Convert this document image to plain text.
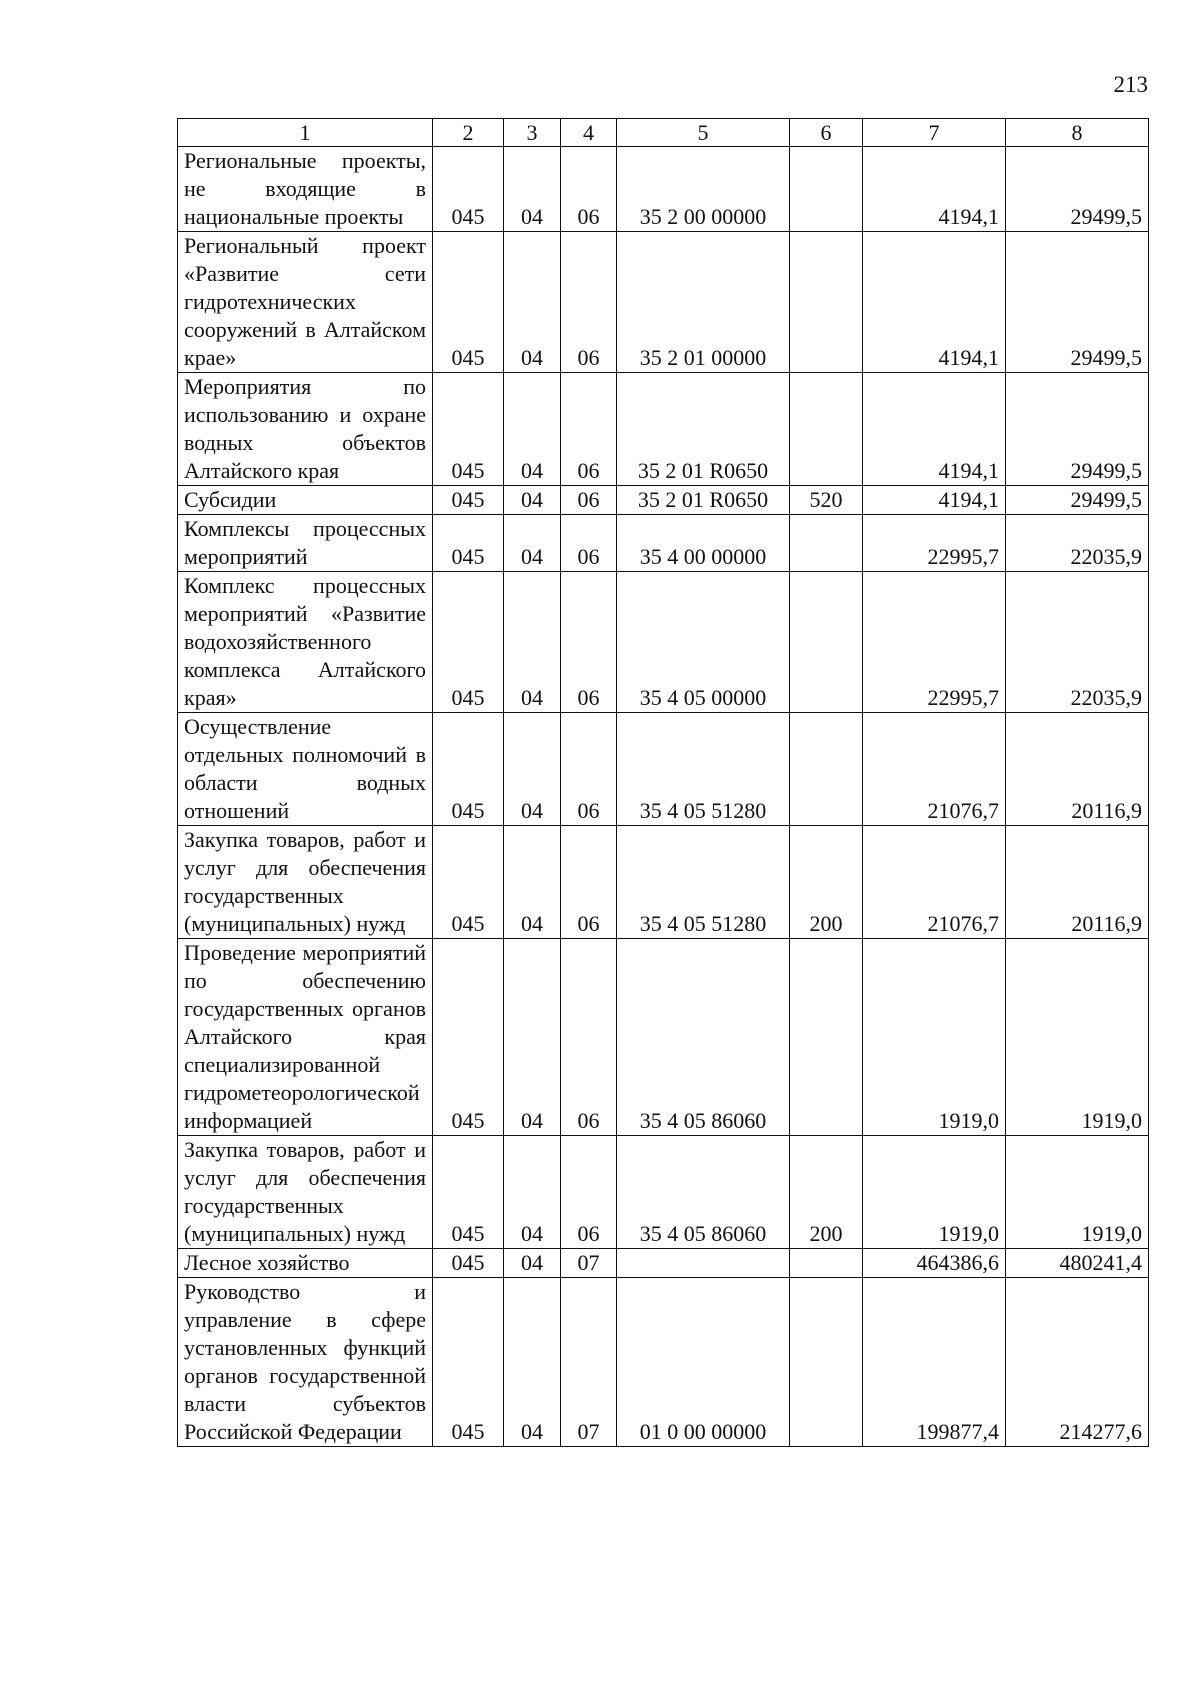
213
1	2	3	4	5	6	7	8
Региональные проекты, не входящие в национальные проекты	045	04	06	35 2 00 00000		4194,1	29499,5
Региональный проект «Развитие сети гидротехнических сооружений в Алтайском крае»	045	04	06	35 2 01 00000		4194,1	29499,5
Мероприятия по использованию и охране водных объектов Алтайского края	045	04	06	35 2 01 R0650		4194,1	29499,5
Субсидии	045	04	06	35 2 01 R0650	520	4194,1	29499,5
Комплексы процессных мероприятий	045	04	06	35 4 00 00000		22995,7	22035,9
Комплекс процессных мероприятий «Развитие водохозяйственного комплекса Алтайского края»	045	04	06	35 4 05 00000		22995,7	22035,9
Осуществление отдельных полномочий в области водных отношений	045	04	06	35 4 05 51280		21076,7	20116,9
Закупка товаров, работ и услуг для обеспечения государственных (муниципальных) нужд	045	04	06	35 4 05 51280	200	21076,7	20116,9
Проведение мероприятий по обеспечению государственных органов Алтайского края специализированной гидрометеорологической информацией	045	04	06	35 4 05 86060		1919,0	1919,0
Закупка товаров, работ и услуг для обеспечения государственных (муниципальных) нужд	045	04	06	35 4 05 86060	200	1919,0	1919,0
Лесное хозяйство	045	04	07			464386,6	480241,4
Руководство и управление в сфере установленных функций органов государственной власти субъектов Российской Федерации	045	04	07	01 0 00 00000		199877,4	214277,6
